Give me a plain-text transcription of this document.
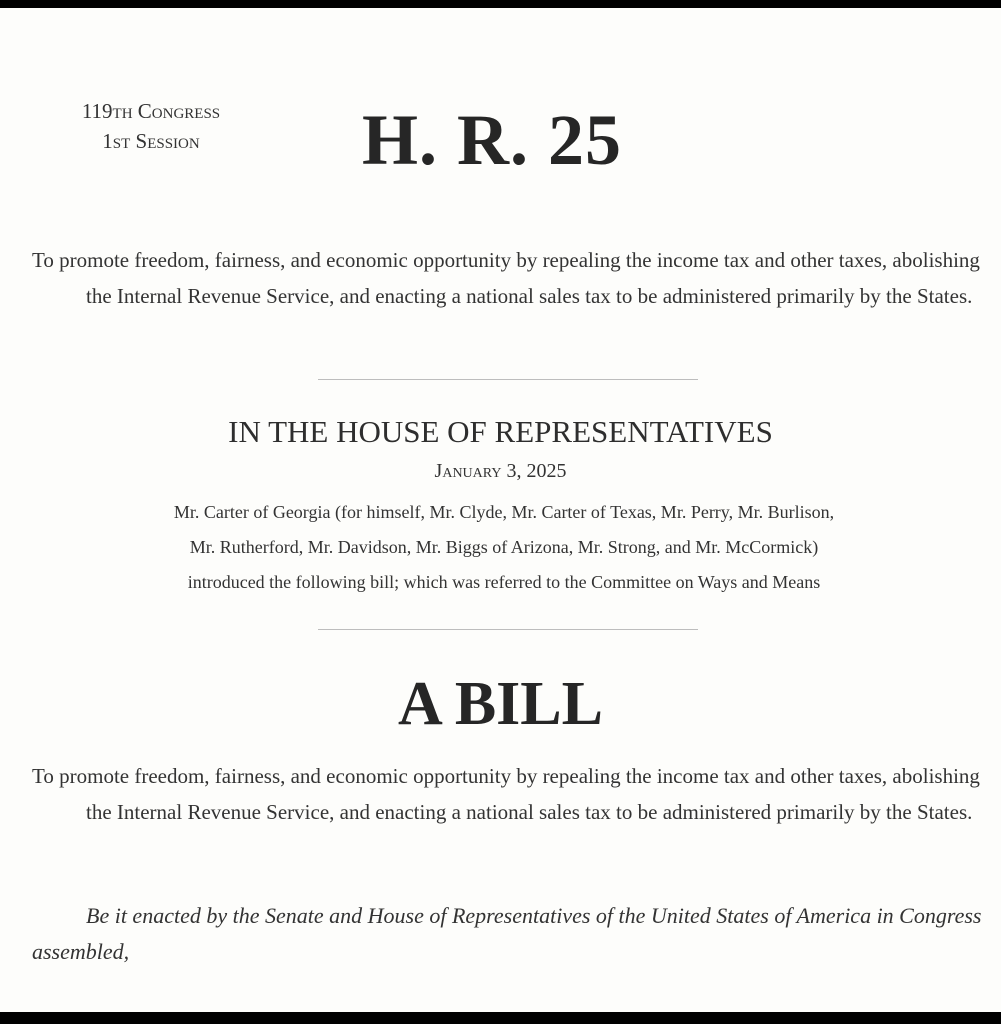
119th Congress
1st Session	H. R. 25
To promote freedom, fairness, and economic opportunity by repealing the income tax and other taxes, abolishing the Internal Revenue Service, and enacting a national sales tax to be administered primarily by the States.
IN THE HOUSE OF REPRESENTATIVES
January 3, 2025
Mr. Carter of Georgia (for himself, Mr. Clyde, Mr. Carter of Texas, Mr. Perry, Mr. Burlison,
Mr. Rutherford, Mr. Davidson, Mr. Biggs of Arizona, Mr. Strong, and Mr. McCormick)
introduced the following bill; which was referred to the Committee on Ways and Means
A BILL
To promote freedom, fairness, and economic opportunity by repealing the income tax and other taxes, abolishing the Internal Revenue Service, and enacting a national sales tax to be administered primarily by the States.
Be it enacted by the Senate and House of Representatives of the United States of America in Congress assembled,
